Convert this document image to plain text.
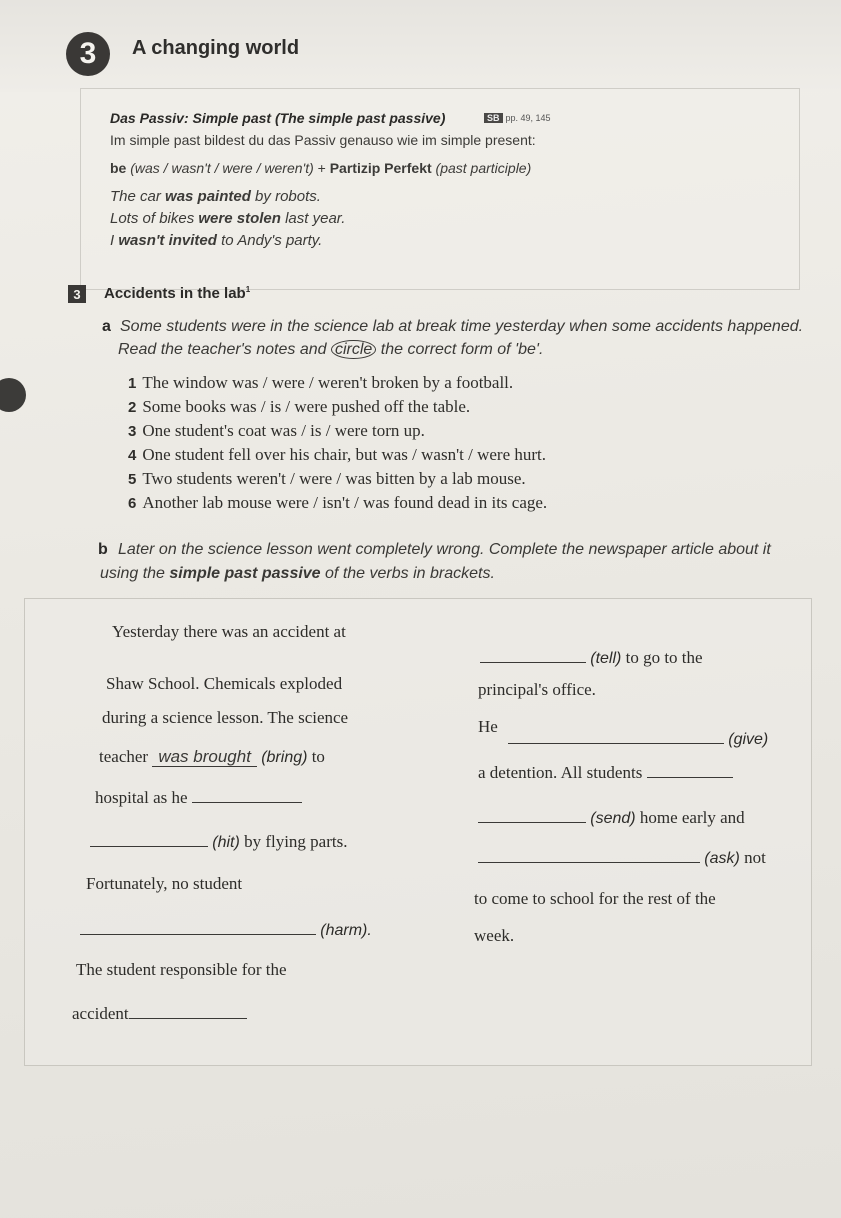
3	A changing world
Das Passiv: Simple past (The simple past passive)	SB pp. 49, 145
Im simple past bildest du das Passiv genauso wie im simple present:
be (was / wasn't / were / weren't) + Partizip Perfekt (past participle)
The car was painted by robots.
Lots of bikes were stolen last year.
I wasn't invited to Andy's party.
3	Accidents in the lab$^1$
a Some students were in the science lab at break time yesterday when some accidents happened.
Read the teacher's notes and circle the correct form of 'be'.
1 The window was / were / weren't broken by a football.
2 Some books was / is / were pushed off the table.
3 One student's coat was / is / were torn up.
4 One student fell over his chair, but was / wasn't / were hurt.
5 Two students weren't / were / was bitten by a lab mouse.
6 Another lab mouse were / isn't / was found dead in its cage.
b Later on the science lesson went completely wrong. Complete the newspaper article about it
using the simple past passive of the verbs in brackets.
Yesterday there was an accident at
Shaw School. Chemicals exploded
during a science lesson. The science
teacher was brought (bring) to
hospital as he
(hit) by flying parts.
Fortunately, no student
(harm).
The student responsible for the
accident
(tell) to go to the
principal's office.
He
(give)
a detention. All students
(send) home early and
(ask) not
to come to school for the rest of the
week.
